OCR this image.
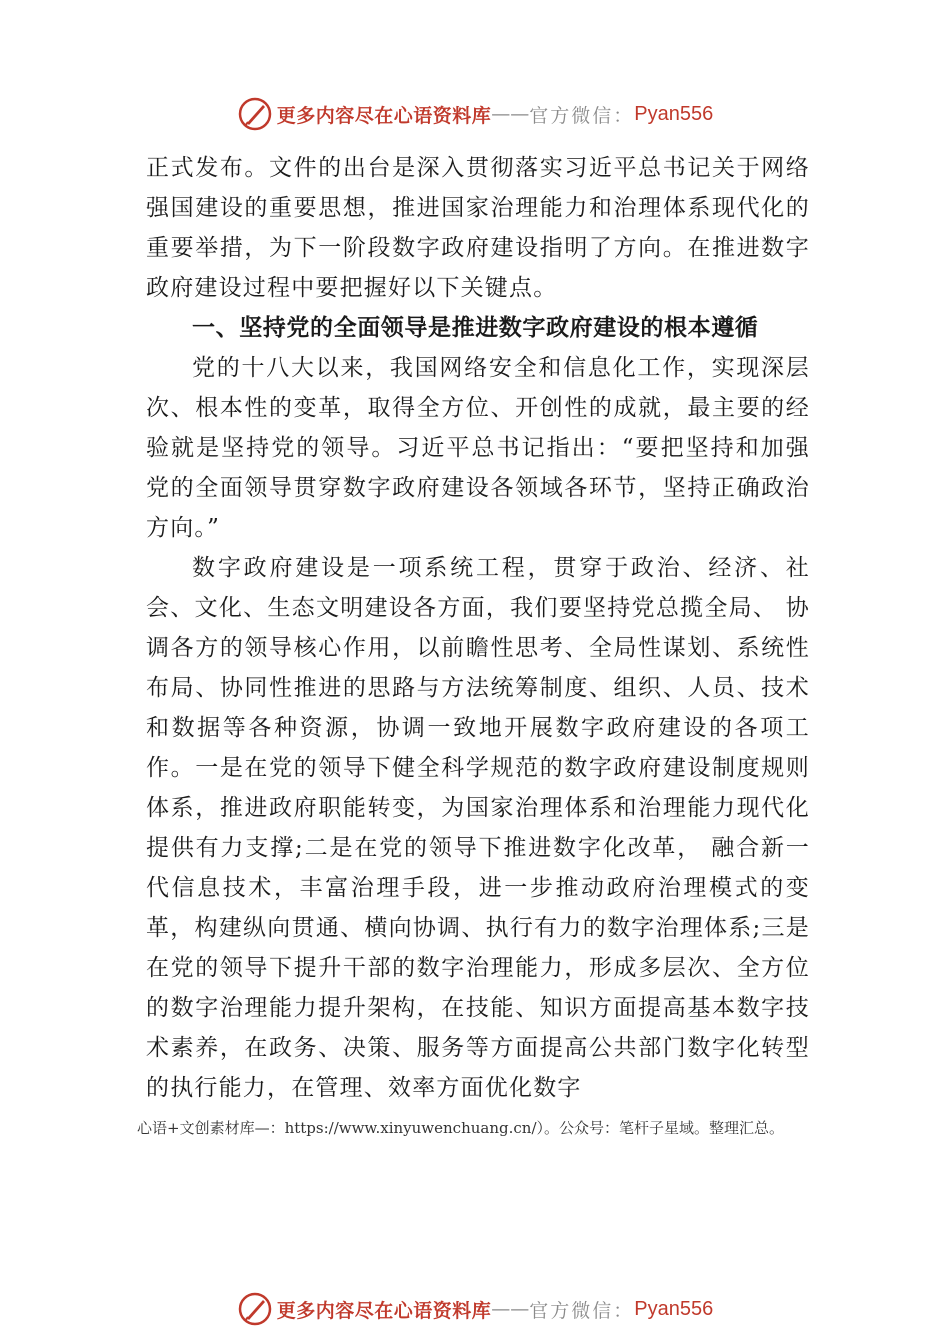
更多内容尽在心语资料库 —— 官方微信： Pyan556

正式发布。文件的出台是深入贯彻落实习近平总书记关于网络强国建设的重要思想，推进国家治理能力和治理体系现代化的重要举措，为下一阶段数字政府建设指明了方向。在推进数字政府建设过程中要把握好以下关键点。

一、坚持党的全面领导是推进数字政府建设的根本遵循

党的十八大以来，我国网络安全和信息化工作，实现深层次、根本性的变革，取得全方位、开创性的成就，最主要的经验就是坚持党的领导。习近平总书记指出：“要把坚持和加强党的全面领导贯穿数字政府建设各领域各环节，坚持正确政治方向。”

数字政府建设是一项系统工程，贯穿于政治、经济、社会、文化、生态文明建设各方面，我们要坚持党总揽全局、 协调各方的领导核心作用，以前瞻性思考、全局性谋划、系统性布局、协同性推进的思路与方法统筹制度、组织、人员、技术和数据等各种资源，协调一致地开展数字政府建设的各项工作。一是在党的领导下健全科学规范的数字政府建设制度规则体系，推进政府职能转变，为国家治理体系和治理能力现代化提供有力支撑;二是在党的领导下推进数字化改革， 融合新一代信息技术，丰富治理手段，进一步推动政府治理模式的变革，构建纵向贯通、横向协调、执行有力的数字治理体系;三是在党的领导下提升干部的数字治理能力，形成多层次、全方位的数字治理能力提升架构，在技能、知识方面提高基本数字技术素养，在政务、决策、服务等方面提高公共部门数字化转型的执行能力，在管理、效率方面优化数字

心语+文创素材库—：https://www.xinyuwenchuang.cn/）。公众号：笔杆子星域。整理汇总。
更多内容尽在心语资料库 —— 官方微信： Pyan556
